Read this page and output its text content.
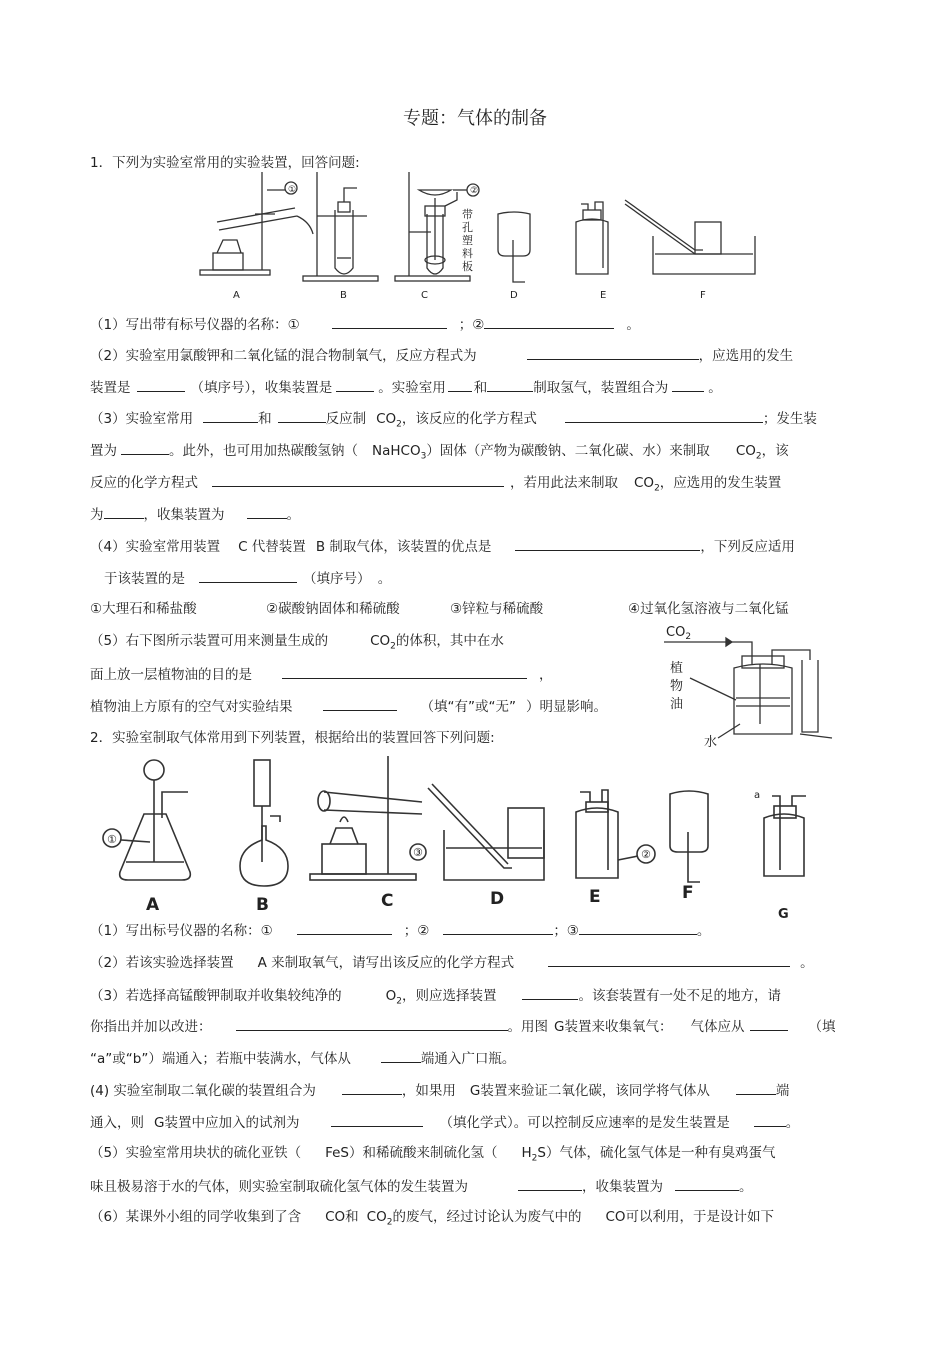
专题：气体的制备
1．下列为实验室常用的实验装置，回答问题:
①	②
带
孔
塑
料
板
A	B	C	D	E	F
（1）写出带有标号仪器的名称：①	；②	。
（2）实验室用氯酸钾和二氧化锰的混合物制氧气，反应方程式为	，应选用的发生
装置是	（填序号），收集装置是	。实验室用 和	制取氢气，装置组合为	。
（3）实验室常用	和	反应制 $CO_2$，该反应的化学方程式	；发生装
置为	。此外，也可用加热碳酸氢钠（ NaHCO$_3$）固体（产物为碳酸钠、二氧化碳、水）来制取 $CO_2$，该
反应的化学方程式	，若用此法来制取 $CO_2$，应选用的发生装置
为	，收集装置为	。
（4）实验室常用装置 C 代替装置 B 制取气体，该装置的优点是	，下列反应适用
于该装置的是	（填序号） 。
①大理石和稀盐酸	②碳酸钠固体和稀硫酸	③锌粒与稀硫酸	④过氧化氢溶液与二氧化锰
（5）右下图所示装置可用来测量生成的	$CO_2$的体积，其中在水
面上放一层植物油的目的是	，
植物油上方原有的空气对实验结果	（填“有”或“无” ）明显影响。
$CO_2$
植
物
油
水
2．实验室制取气体常用到下列装置，根据给出的装置回答下列问题:
①
③	②
a
A	B	C	D	E	F
G
（1）写出标号仪器的名称：①	；②	；③	。
（2）若该实验选择装置 A 来制取氧气，请写出该反应的化学方程式	。
（3）若选择高锰酸钾制取并收集较纯净的	$O_2$，则应选择装置	。该套装置有一处不足的地方，请
你指出并加以改进：	。用图 G装置来收集氧气： 气体应从	（填
“a”或“b”）端通入；若瓶中装满水，气体从	端通入广口瓶。
(4) 实验室制取二氧化碳的装置组合为	，如果用 G装置来验证二氧化碳，该同学将气体从	端
通入，则 G装置中应加入的试剂为	（填化学式）。可以控制反应速率的是发生装置是	。
（5）实验室常用块状的硫化亚铁（ FeS）和稀硫酸来制硫化氢（ $H_2S$）气体，硫化氢气体是一种有臭鸡蛋气
味且极易溶于水的气体，则实验室制取硫化氢气体的发生装置为	，收集装置为	。
（6）某课外小组的同学收集到了含 CO和 $CO_2$的废气，经过讨论认为废气中的 CO可以利用，于是设计如下
